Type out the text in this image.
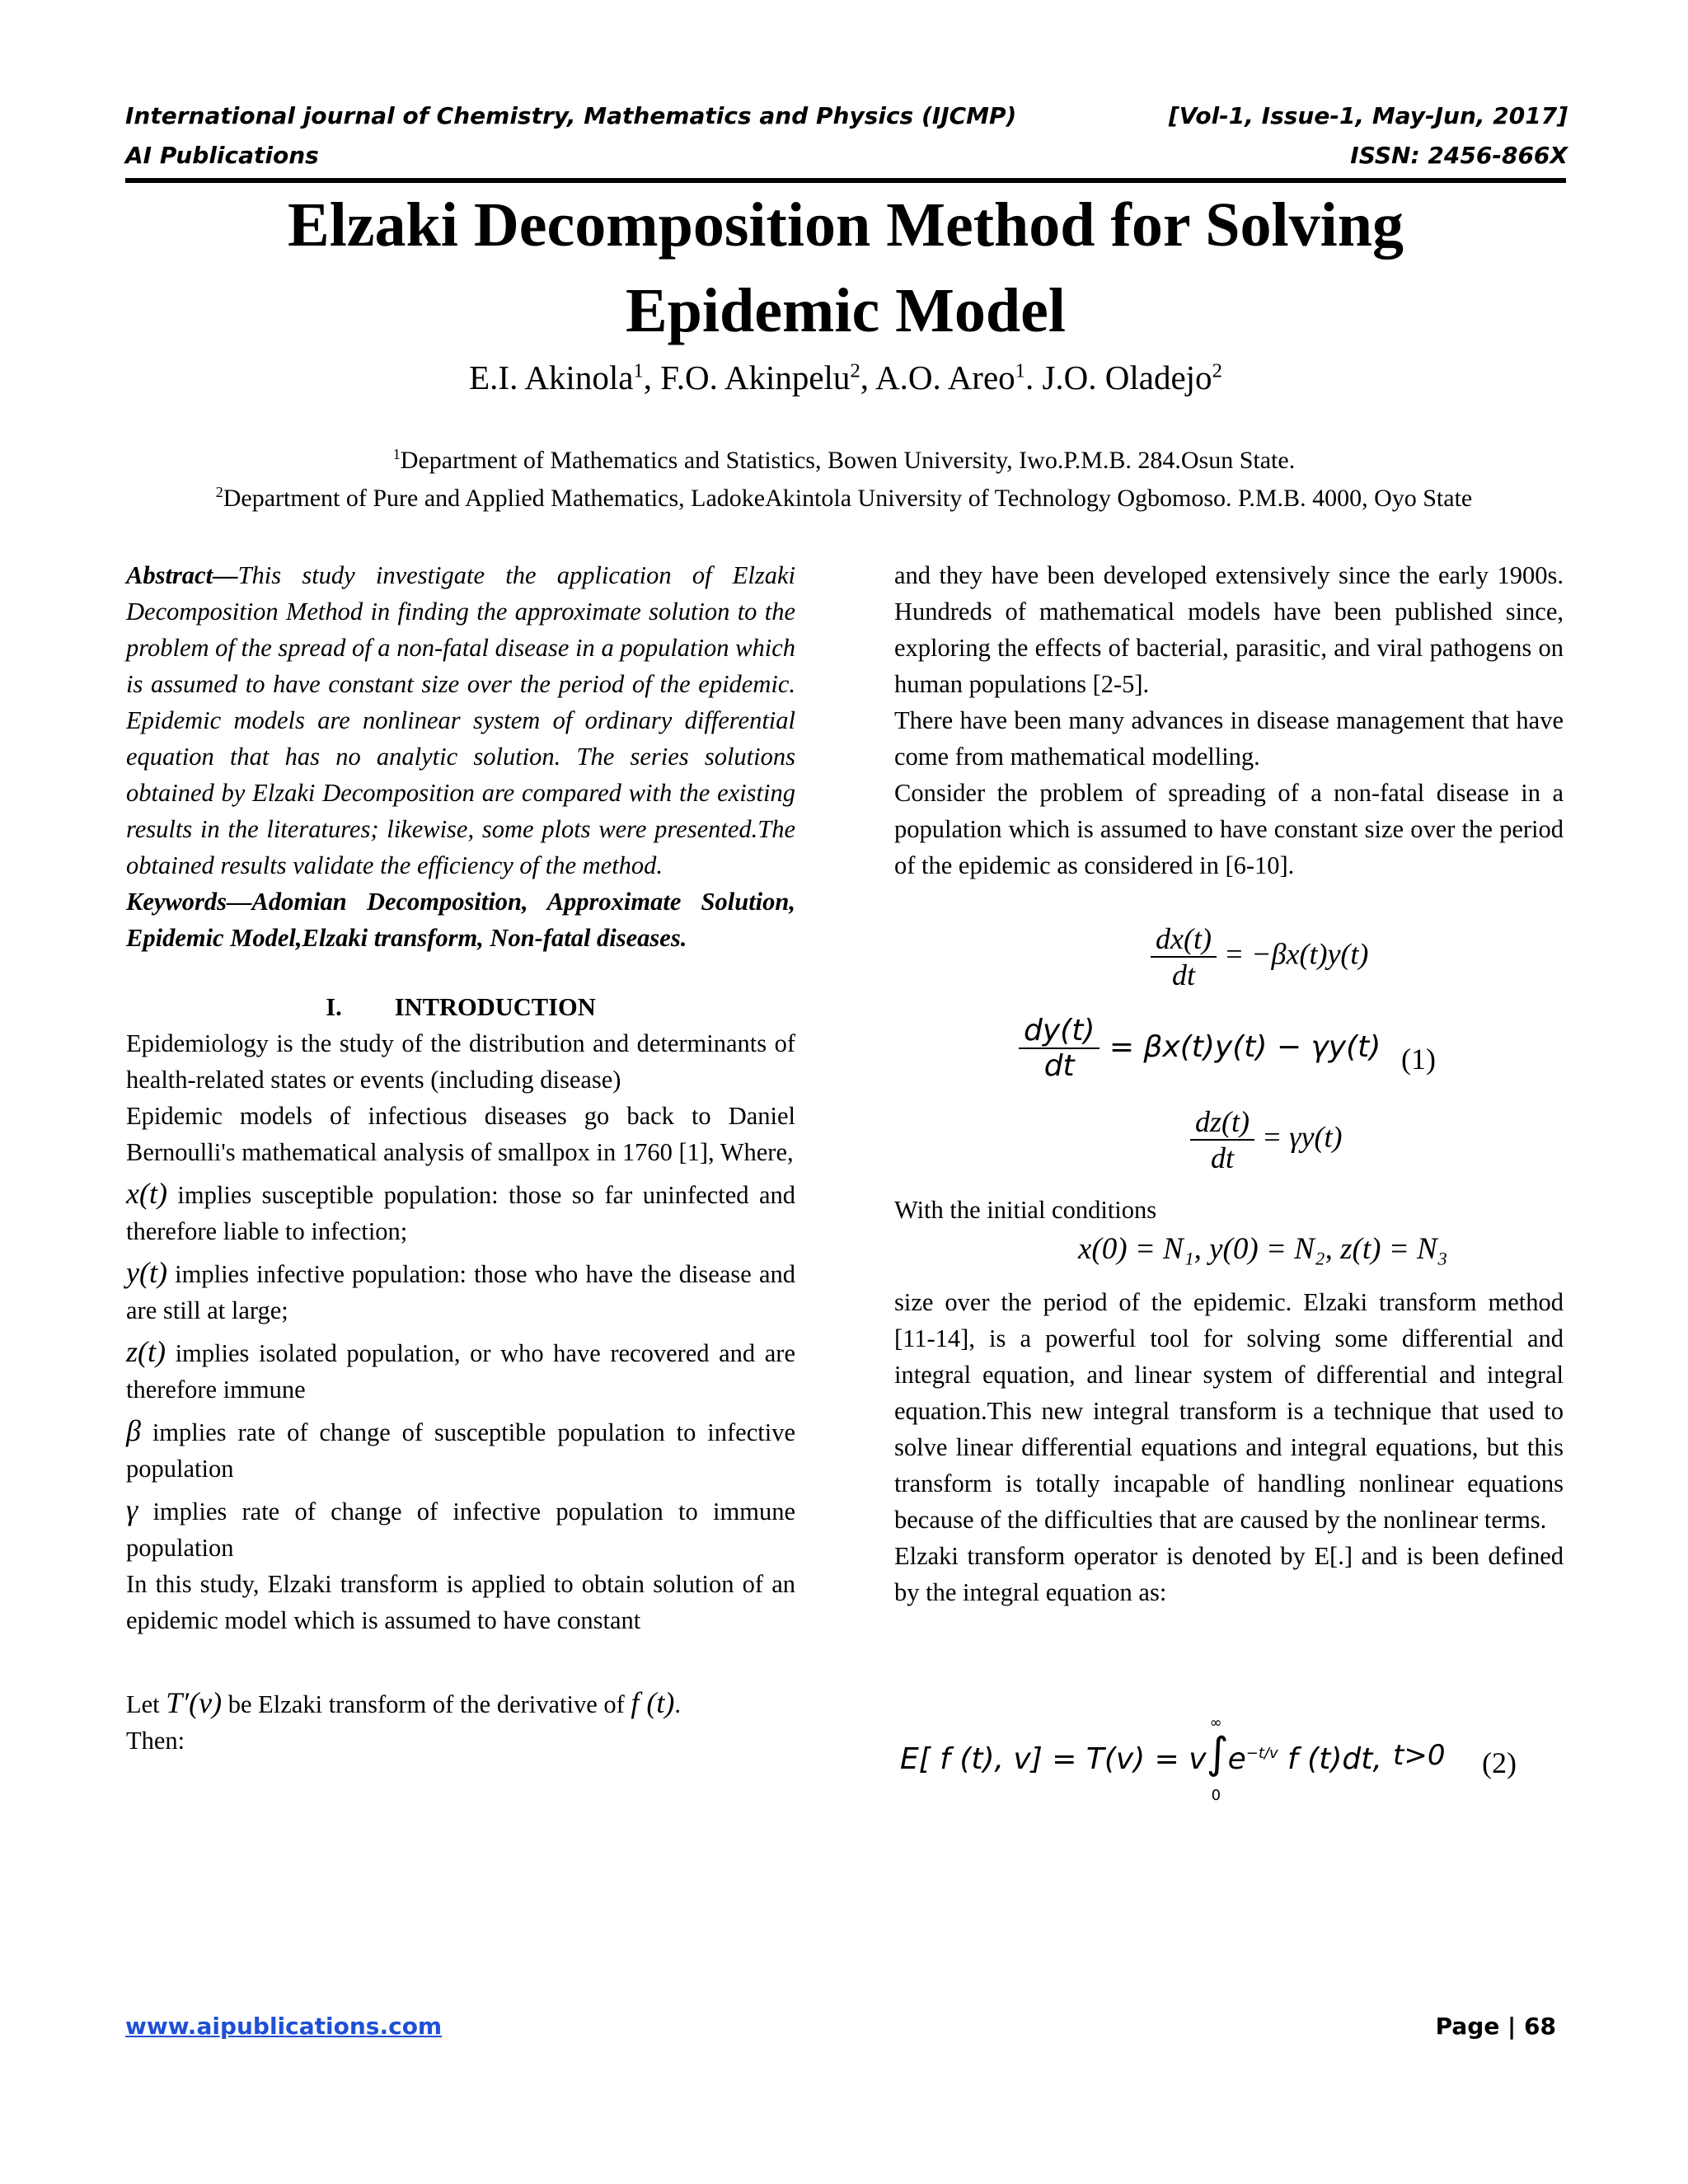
International journal of Chemistry, Mathematics and Physics (IJCMP)	[Vol-1, Issue-1, May-Jun, 2017]
AI Publications	ISSN: 2456-866X
Elzaki Decomposition Method for Solving
Epidemic Model
E.I. Akinola$^1$, F.O. Akinpelu$^2$, A.O. Areo$^1$. J.O. Oladejo$^2$
$^1$Department of Mathematics and Statistics, Bowen University, Iwo.P.M.B. 284.Osun State.
$^2$Department of Pure and Applied Mathematics, LadokeAkintola University of Technology Ogbomoso. P.M.B. 4000, Oyo State

Abstract—This study investigate the application of Elzaki Decomposition Method in finding the approximate solution to the problem of the spread of a non-fatal disease in a population which is assumed to have constant size over the period of the epidemic. Epidemic models are nonlinear system of ordinary differential equation that has no analytic solution. The series solutions obtained by Elzaki Decomposition are compared with the existing results in the literatures; likewise, some plots were presented.The obtained results validate the efficiency of the method.

Keywords—Adomian Decomposition, Approximate Solution, Epidemic Model,Elzaki transform, Non-fatal diseases.

I. INTRODUCTION

Epidemiology is the study of the distribution and determinants of health-related states or events (including disease)

Epidemic models of infectious diseases go back to Daniel Bernoulli's mathematical analysis of smallpox in 1760 [1], Where,

x(t) implies susceptible population: those so far uninfected and therefore liable to infection;

y(t) implies infective population: those who have the disease and are still at large;

z(t) implies isolated population, or who have recovered and are therefore immune

β implies rate of change of susceptible population to infective population

γ implies rate of change of infective population to immune population

In this study, Elzaki transform is applied to obtain solution of an epidemic model which is assumed to have constant

Let T′(v) be Elzaki transform of the derivative of f (t).

Then:

and they have been developed extensively since the early 1900s. Hundreds of mathematical models have been published since, exploring the effects of bacterial, parasitic, and viral pathogens on human populations [2-5].

There have been many advances in disease management that have come from mathematical modelling.

Consider the problem of spreading of a non-fatal disease in a population which is assumed to have constant size over the period of the epidemic as considered in [6-10].

$\frac{dx(t)}{dt} = -\beta x(t)y(t)$
$\frac{dy(t)}{dt} = \beta x(t)y(t) - \gamma y(t)$ (1)
$\frac{dz(t)}{dt} = \gamma y(t)$

With the initial conditions

x(0) = N₁, y(0) = N₂, z(t) = N₃

size over the period of the epidemic. Elzaki transform method [11-14], is a powerful tool for solving some differential and integral equation, and linear system of differential and integral equation.This new integral transform is a technique that used to solve linear differential equations and integral equations, but this transform is totally incapable of handling nonlinear equations because of the difficulties that are caused by the nonlinear terms.

Elzaki transform operator is denoted by E[.] and is been defined by the integral equation as:

E[ f (t), v] = T(v) = v ∫
∞
0
$e^{-t/v}$ f (t)dt, t>0 (2)
www.aipublications.com	Page | 68
